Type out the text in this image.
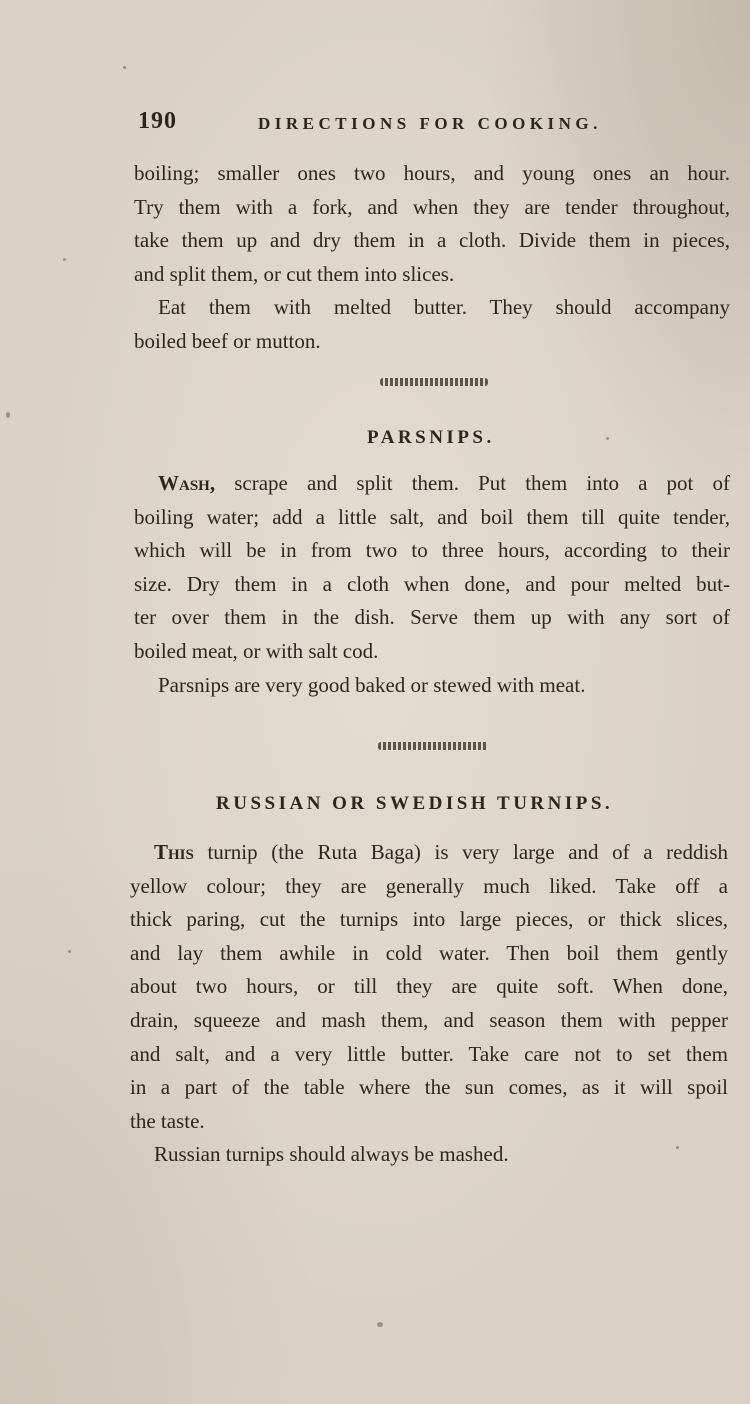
190	DIRECTIONS FOR COOKING.
boiling; smaller ones two hours, and young ones an hour.
Try them with a fork, and when they are tender throughout,
take them up and dry them in a cloth. Divide them in pieces,
and split them, or cut them into slices.
Eat them with melted butter. They should accompany
boiled beef or mutton.
PARSNIPS.
Wash, scrape and split them. Put them into a pot of
boiling water; add a little salt, and boil them till quite tender,
which will be in from two to three hours, according to their
size. Dry them in a cloth when done, and pour melted but-
ter over them in the dish. Serve them up with any sort of
boiled meat, or with salt cod.
Parsnips are very good baked or stewed with meat.
RUSSIAN OR SWEDISH TURNIPS.
This turnip (the Ruta Baga) is very large and of a reddish
yellow colour; they are generally much liked. Take off a
thick paring, cut the turnips into large pieces, or thick slices,
and lay them awhile in cold water. Then boil them gently
about two hours, or till they are quite soft. When done,
drain, squeeze and mash them, and season them with pepper
and salt, and a very little butter. Take care not to set them
in a part of the table where the sun comes, as it will spoil
the taste.
Russian turnips should always be mashed.
